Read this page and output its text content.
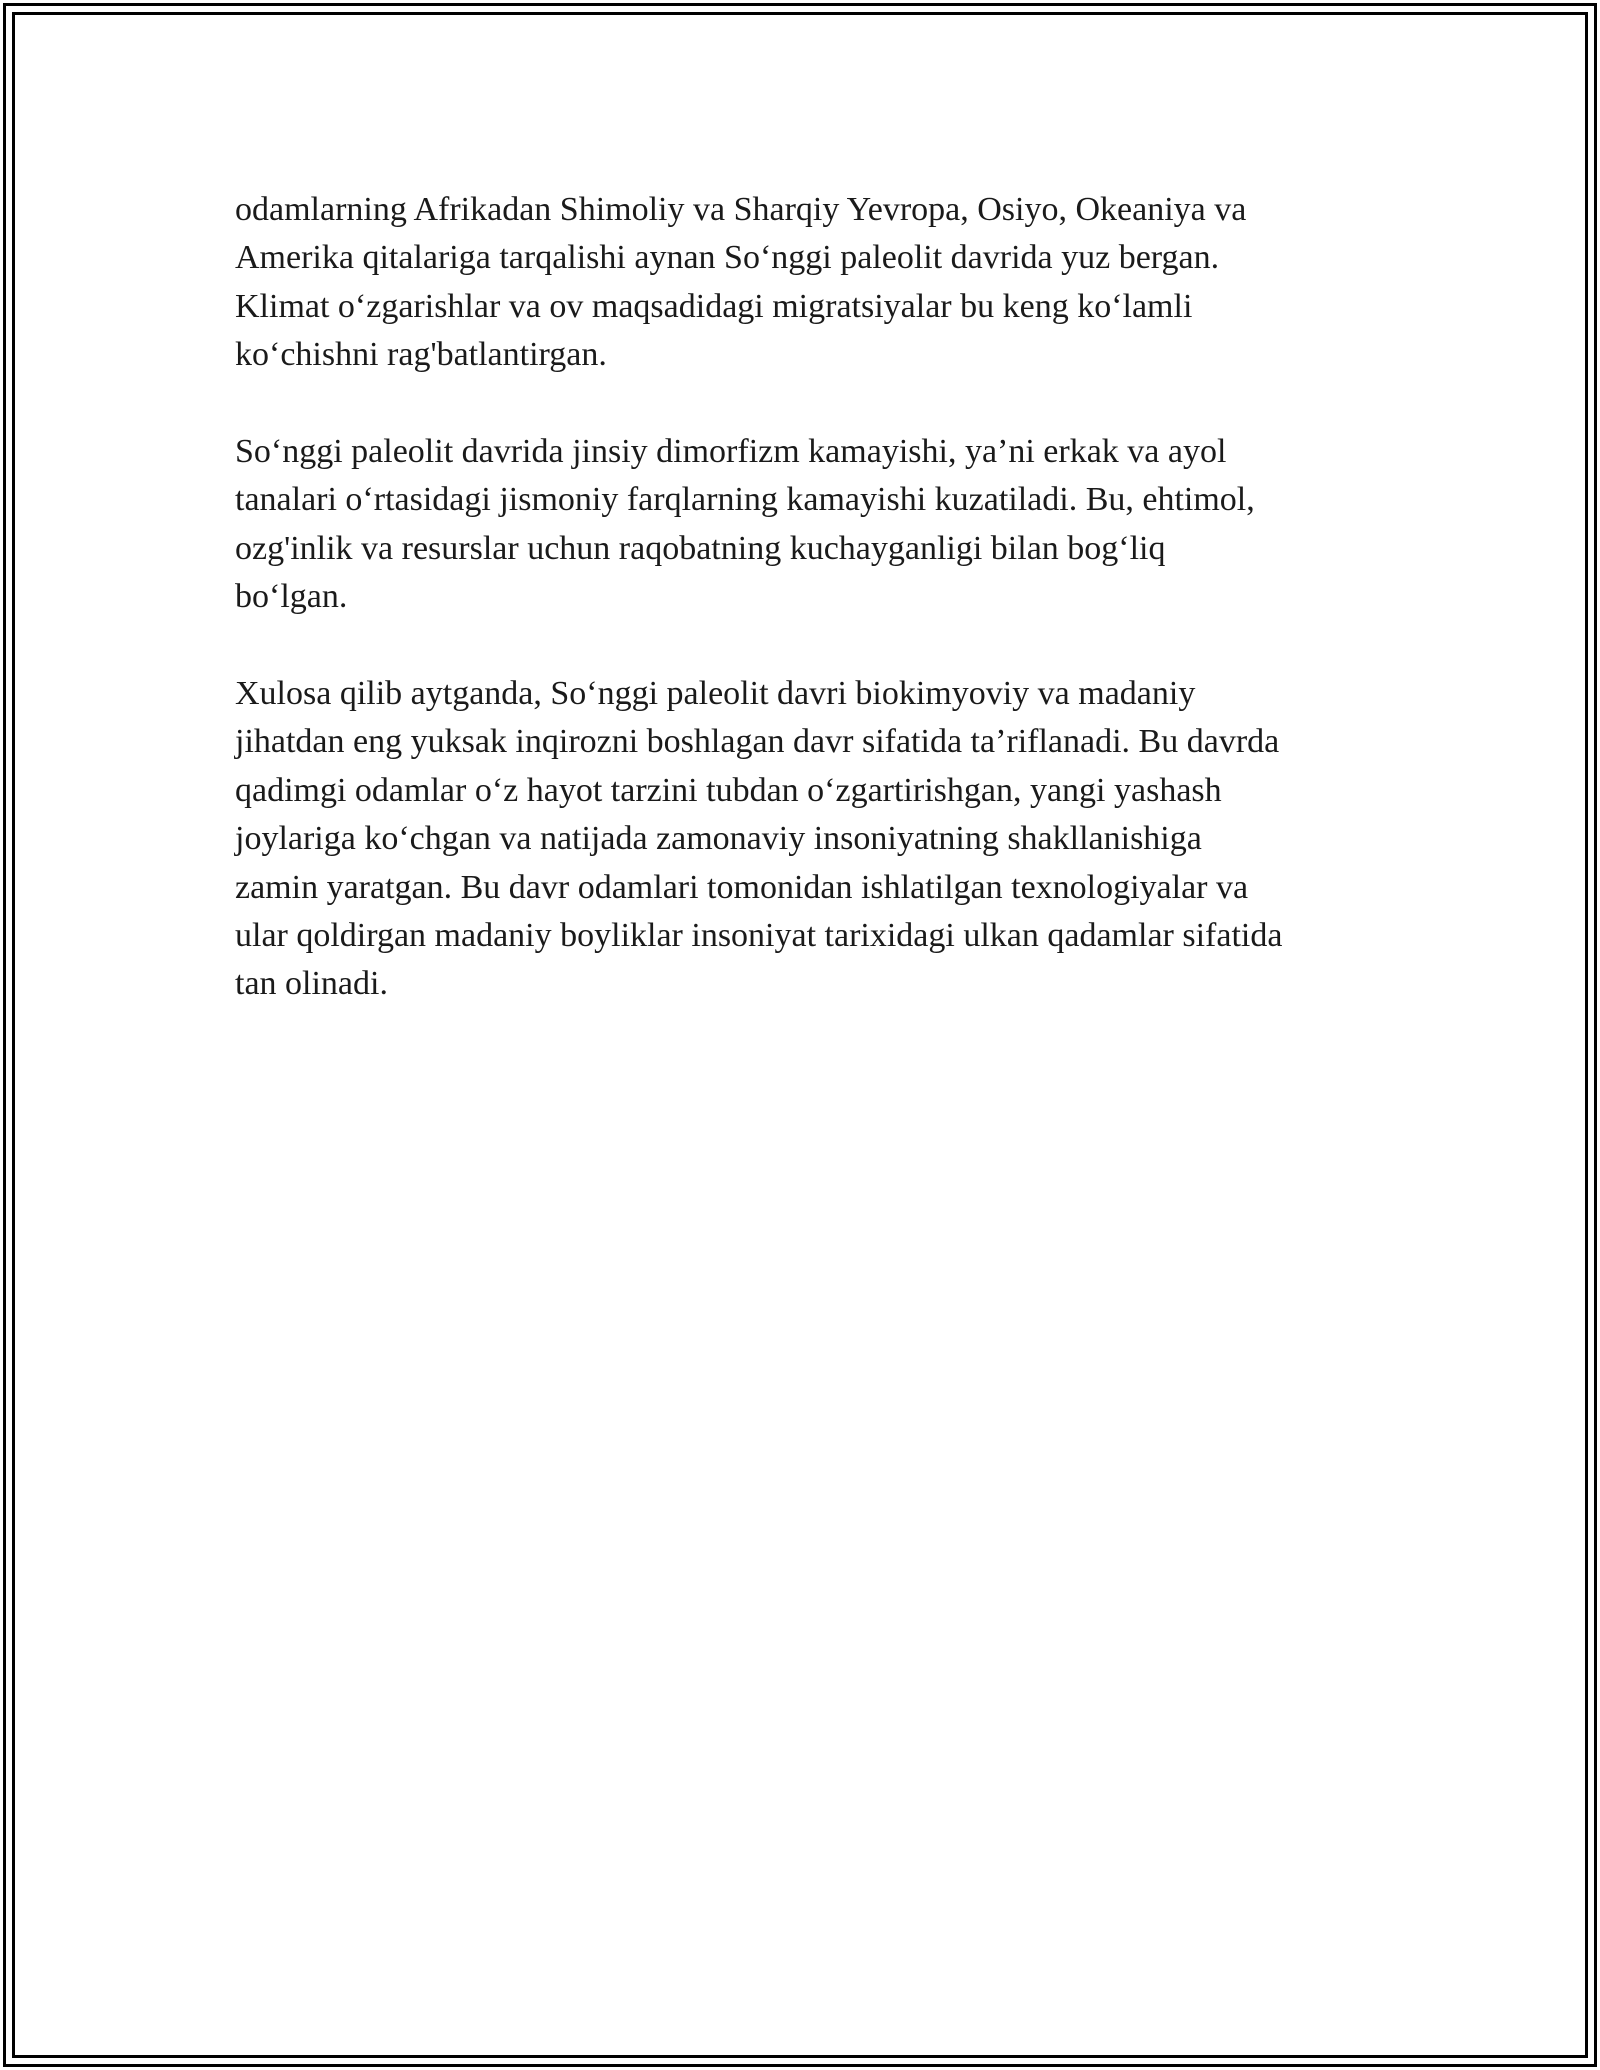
odamlarning Afrikadan Shimoliy va Sharqiy Yevropa, Osiyo, Okeaniya va
Amerika qitalariga tarqalishi aynan So‘nggi paleolit davrida yuz bergan.
Klimat o‘zgarishlar va ov maqsadidagi migratsiyalar bu keng ko‘lamli
ko‘chishni rag'batlantirgan.

So‘nggi paleolit davrida jinsiy dimorfizm kamayishi, ya’ni erkak va ayol
tanalari o‘rtasidagi jismoniy farqlarning kamayishi kuzatiladi. Bu, ehtimol,
ozg'inlik va resurslar uchun raqobatning kuchayganligi bilan bog‘liq
bo‘lgan.

Xulosa qilib aytganda, So‘nggi paleolit davri biokimyoviy va madaniy
jihatdan eng yuksak inqirozni boshlagan davr sifatida ta’riflanadi. Bu davrda
qadimgi odamlar o‘z hayot tarzini tubdan o‘zgartirishgan, yangi yashash
joylariga ko‘chgan va natijada zamonaviy insoniyatning shakllanishiga
zamin yaratgan. Bu davr odamlari tomonidan ishlatilgan texnologiyalar va
ular qoldirgan madaniy boyliklar insoniyat tarixidagi ulkan qadamlar sifatida
tan olinadi.
